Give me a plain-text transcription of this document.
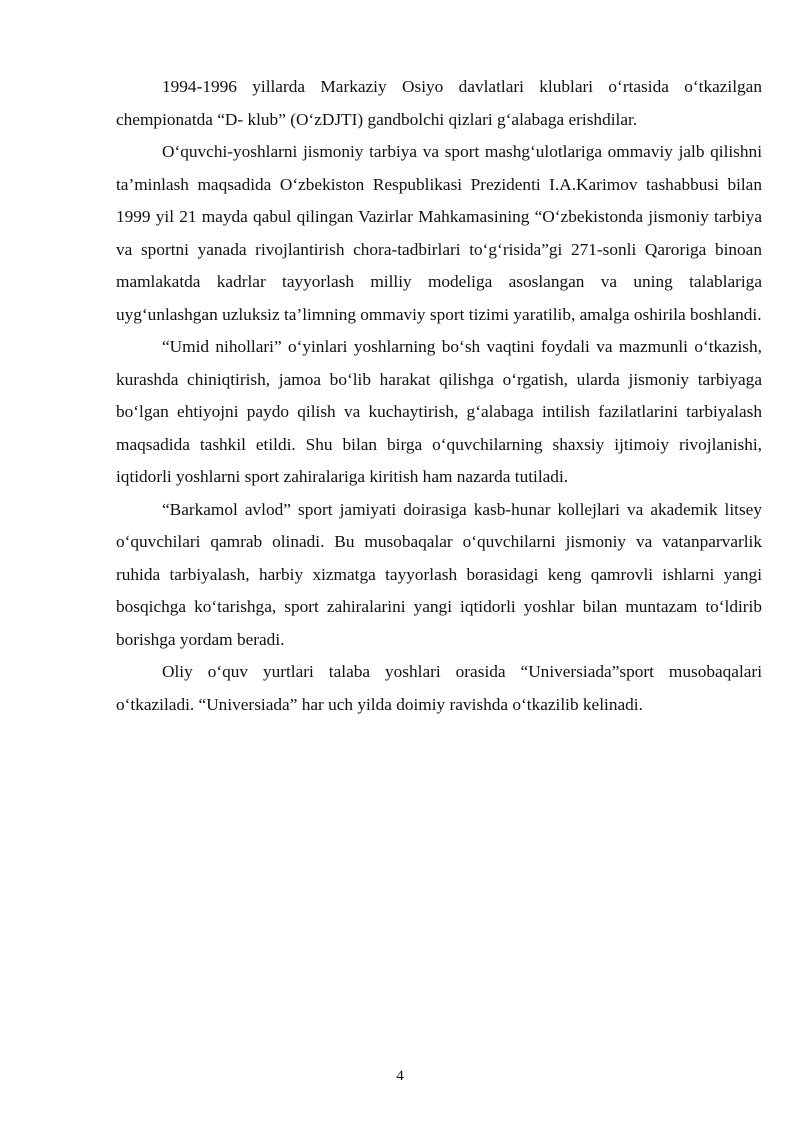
1994-1996 yillarda Markaziy Osiyo davlatlari klublari o‘rtasida o‘tkazilgan chempionatda “D- klub” (O‘zDJTI) gandbolchi qizlari g‘alabaga erishdilar.

O‘quvchi-yoshlarni jismoniy tarbiya va sport mashg‘ulotlariga ommaviy jalb qilishni ta’minlash maqsadida O‘zbekiston Respublikasi Prezidenti I.A.Karimov tashabbusi bilan 1999 yil 21 mayda qabul qilingan Vazirlar Mahkamasining “O‘zbekistonda jismoniy tarbiya va sportni yanada rivojlantirish chora-tadbirlari to‘g‘risida”gi 271-sonli Qaroriga binoan mamlakatda kadrlar tayyorlash milliy modeliga asoslangan va uning talablariga uyg‘unlashgan uzluksiz ta’limning ommaviy sport tizimi yaratilib, amalga oshirila boshlandi.

“Umid nihollari” o‘yinlari yoshlarning bo‘sh vaqtini foydali va mazmunli o‘tkazish, kurashda chiniqtirish, jamoa bo‘lib harakat qilishga o‘rgatish, ularda jismoniy tarbiyaga bo‘lgan ehtiyojni paydo qilish va kuchaytirish, g‘alabaga intilish fazilatlarini tarbiyalash maqsadida tashkil etildi. Shu bilan birga o‘quvchilarning shaxsiy ijtimoiy rivojlanishi, iqtidorli yoshlarni sport zahiralariga kiritish ham nazarda tutiladi.

“Barkamol avlod” sport jamiyati doirasiga kasb-hunar kollejlari va akademik litsey o‘quvchilari qamrab olinadi. Bu musobaqalar o‘quvchilarni jismoniy va vatanparvarlik ruhida tarbiyalash, harbiy xizmatga tayyorlash borasidagi keng qamrovli ishlarni yangi bosqichga ko‘tarishga, sport zahiralarini yangi iqtidorli yoshlar bilan muntazam to‘ldirib borishga yordam beradi.

Oliy o‘quv yurtlari talaba yoshlari orasida “Universiada”sport musobaqalari o‘tkaziladi. “Universiada” har uch yilda doimiy ravishda o‘tkazilib kelinadi.

4
